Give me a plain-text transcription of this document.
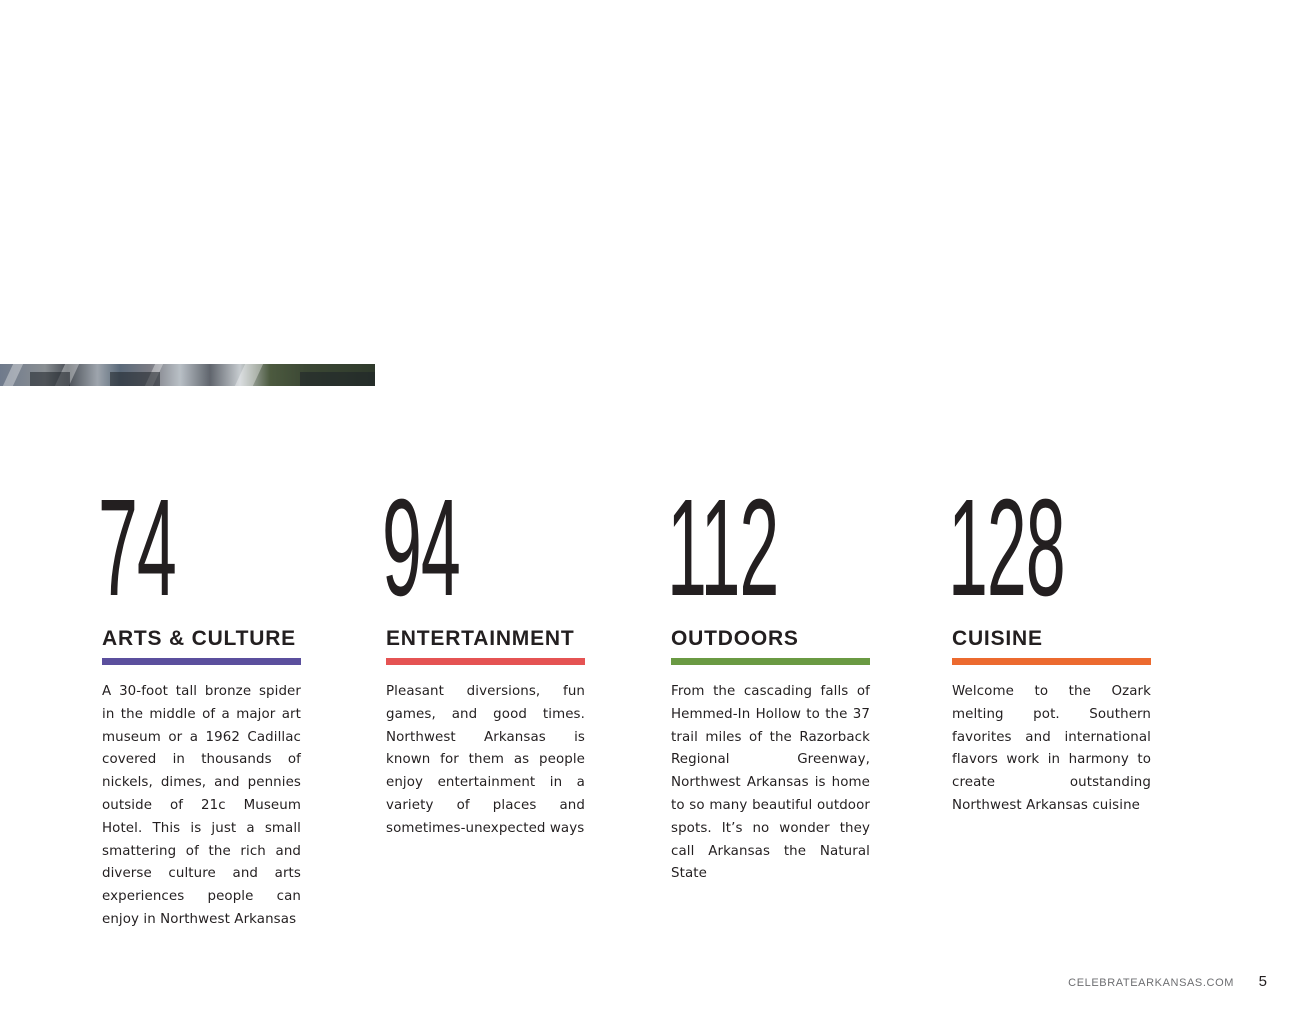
74
ARTS & CULTURE

A 30-foot tall bronze spider in the middle of a major art museum or a 1962 Cadillac covered in thousands of nickels, dimes, and pennies outside of 21c Museum Hotel. This is just a small smattering of the rich and diverse culture and arts experiences people can enjoy in Northwest Arkansas

94
ENTERTAINMENT

Pleasant diversions, fun games, and good times. Northwest Arkansas is known for them as people enjoy entertainment in a variety of places and sometimes-unexpected ways

112
OUTDOORS

From the cascading falls of Hemmed-In Hollow to the 37 trail miles of the Razorback Regional Greenway, Northwest Arkansas is home to so many beautiful outdoor spots. It’s no wonder they call Arkansas the Natural State

128
CUISINE

Welcome to the Ozark melting pot. Southern favorites and international flavors work in harmony to create outstanding Northwest Arkansas cuisine

CELEBRATEARKANSAS.COM 5
